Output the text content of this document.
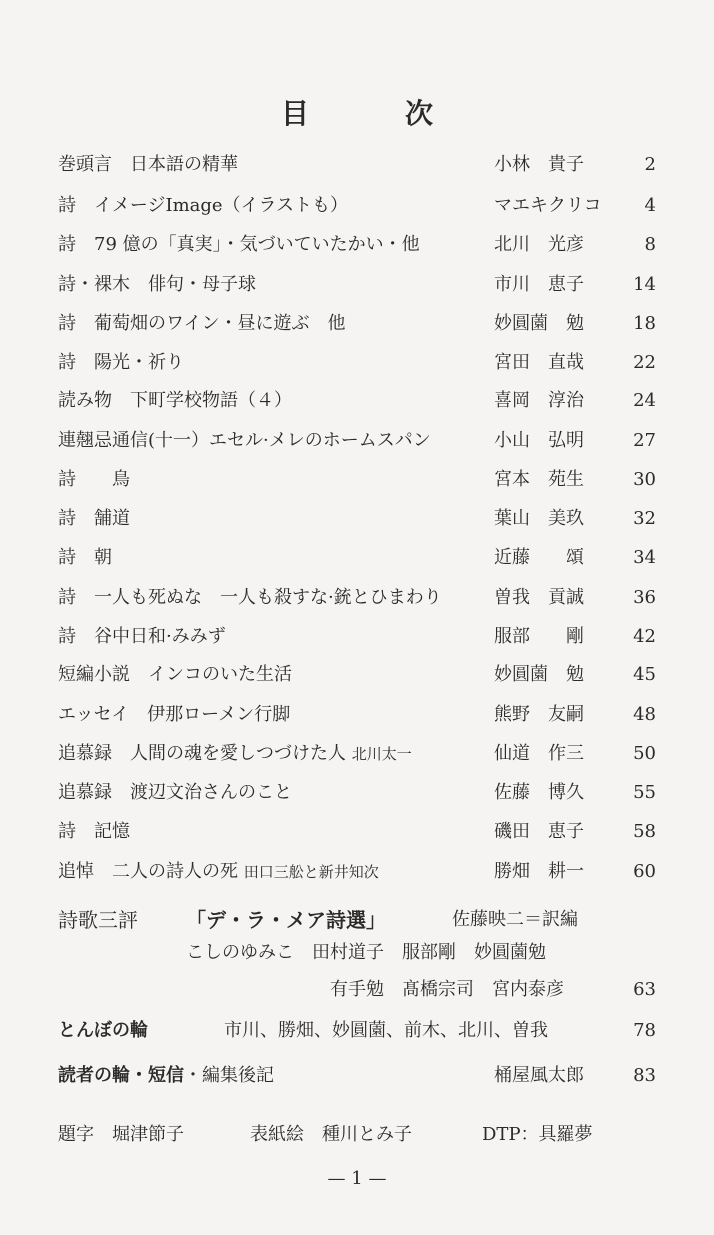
目　次
巻頭言　日本語の精華	小林　貴子	2
詩　イメージImage（イラストも）	マエキクリコ 4
詩　79 億の「真実」・気づいていたかい・他	北川　光彦	8
詩・裸木　俳句・母子球	市川　恵子	14
詩　葡萄畑のワイン・昼に遊ぶ　他	妙圓薗　勉	18
詩　陽光・祈り	宮田　直哉	22
読み物　下町学校物語（４）	喜岡　淳治	24
連翹忌通信(十一）エセル·メレのホームスパン	小山　弘明	27
詩　　鳥	宮本　苑生	30
詩　舗道	葉山　美玖	32
詩　朝	近藤　　頌	34
詩　一人も死ぬな　一人も殺すな·銃とひまわり	曽我　貢誠	36
詩　谷中日和·みみず	服部　　剛	42
短編小説　インコのいた生活	妙圓薗　勉	45
エッセイ　伊那ローメン行脚	熊野　友嗣	48
追慕録　人間の魂を愛しつづけた人 北川太一	仙道　作三	50
追慕録　渡辺文治さんのこと	佐藤　博久	55
詩　記憶	磯田　恵子	58
追悼　二人の詩人の死 田口三舩と新井知次	勝畑　耕一	60
詩歌三評 「デ・ラ・メア詩選」	佐藤映二＝訳編
こしのゆみこ　田村道子　服部剛　妙圓薗勉
有手勉　髙橋宗司　宮内泰彦	63
とんぼの輪	市川、勝畑、妙圓薗、前木、北川、曽我	78
読者の輪・短信・編集後記	桶屋風太郎	83
題字　堀津節子	表紙絵　種川とみ子	DTP：具羅夢
— 1 —
